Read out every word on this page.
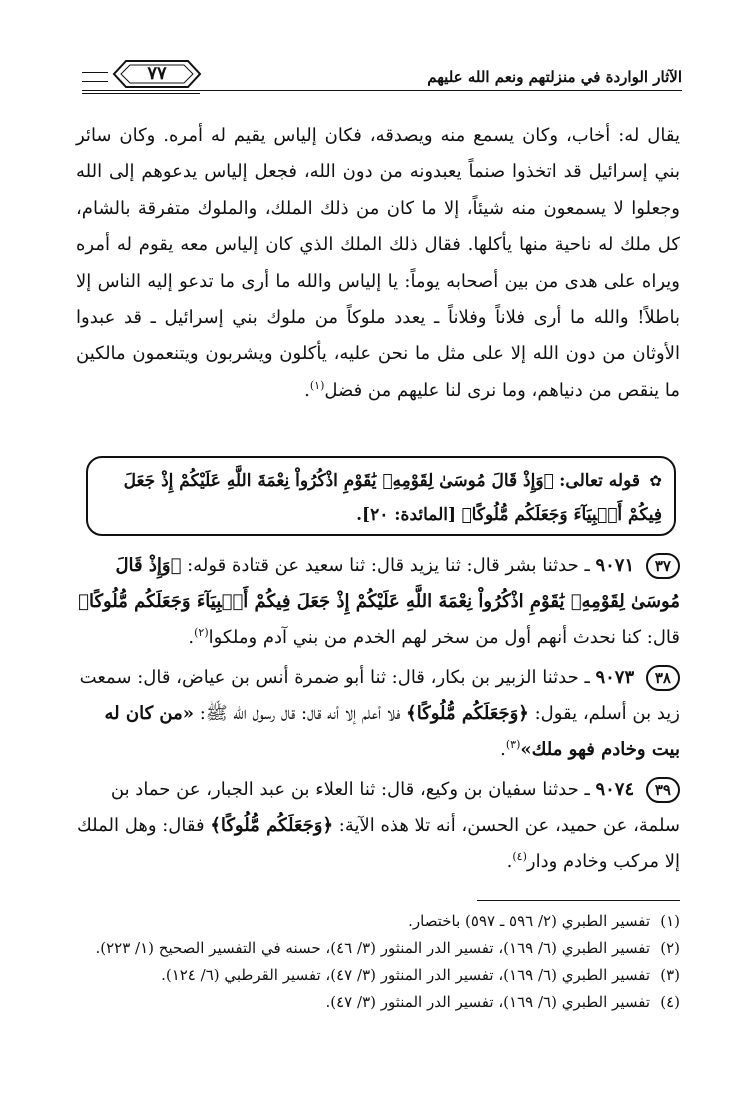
الآثار الواردة في منزلتهم ونعم الله عليهم
٧٧

يقال له: أخاب، وكان يسمع منه ويصدقه، فكان إلياس يقيم له أمره. وكان سائر بني إسرائيل قد اتخذوا صنماً يعبدونه من دون الله، فجعل إلياس يدعوهم إلى الله وجعلوا لا يسمعون منه شيئاً، إلا ما كان من ذلك الملك، والملوك متفرقة بالشام، كل ملك له ناحية منها يأكلها. فقال ذلك الملك الذي كان إلياس معه يقوم له أمره ويراه على هدى من بين أصحابه يوماً: يا إلياس والله ما أرى ما تدعو إليه الناس إلا باطلاً! والله ما أرى فلاناً وفلاناً ـ يعدد ملوكاً من ملوك بني إسرائيل ـ قد عبدوا الأوثان من دون الله إلا على مثل ما نحن عليه، يأكلون ويشربون ويتنعمون مالكين ما ينقص من دنياهم، وما نرى لنا عليهم من فضل$^{(١)}$.

✿ قوله تعالى: ﴿وَإِذْ قَالَ مُوسَىٰ لِقَوْمِهِۦ يَٰقَوْمِ اذْكُرُواْ نِعْمَةَ اللَّهِ عَلَيْكُمْ إِذْ جَعَلَ فِيكُمْ أَنۢبِيَآءَ وَجَعَلَكُم مُّلُوكًا﴾ [المائدة: ٢٠].
٣٧ ٩٠٧١ ـ حدثنا بشر قال: ثنا يزيد قال: ثنا سعيد عن قتادة قوله: ﴿وَإِذْ قَالَ مُوسَىٰ لِقَوْمِهِۦ يَٰقَوْمِ اذْكُرُواْ نِعْمَةَ اللَّهِ عَلَيْكُمْ إِذْ جَعَلَ فِيكُمْ أَنۢبِيَآءَ وَجَعَلَكُم مُّلُوكًا﴾ قال: كنا نحدث أنهم أول من سخر لهم الخدم من بني آدم وملكوا$^{(٢)}$.
٣٨ ٩٠٧٣ ـ حدثنا الزبير بن بكار، قال: ثنا أبو ضمرة أنس بن عياض، قال: سمعت زيد بن أسلم، يقول: ﴿وَجَعَلَكُم مُّلُوكًا﴾ فلا أعلم إلا أنه قال: قال رسول الله ﷺ: «من كان له بيت وخادم فهو ملك»$^{(٣)}$.
٣٩ ٩٠٧٤ ـ حدثنا سفيان بن وكيع، قال: ثنا العلاء بن عبد الجبار، عن حماد بن سلمة، عن حميد، عن الحسن، أنه تلا هذه الآية: ﴿وَجَعَلَكُم مُّلُوكًا﴾ فقال: وهل الملك إلا مركب وخادم ودار$^{(٤)}$.

(١)
تفسير الطبري (٢/ ٥٩٦ ـ ٥٩٧) باختصار.

(٢)
تفسير الطبري (٦/ ١٦٩)، تفسير الدر المنثور (٣/ ٤٦)، حسنه في التفسير الصحيح (١/ ٢٢٣).

(٣)
تفسير الطبري (٦/ ١٦٩)، تفسير الدر المنثور (٣/ ٤٧)، تفسير القرطبي (٦/ ١٢٤).

(٤)
تفسير الطبري (٦/ ١٦٩)، تفسير الدر المنثور (٣/ ٤٧).
